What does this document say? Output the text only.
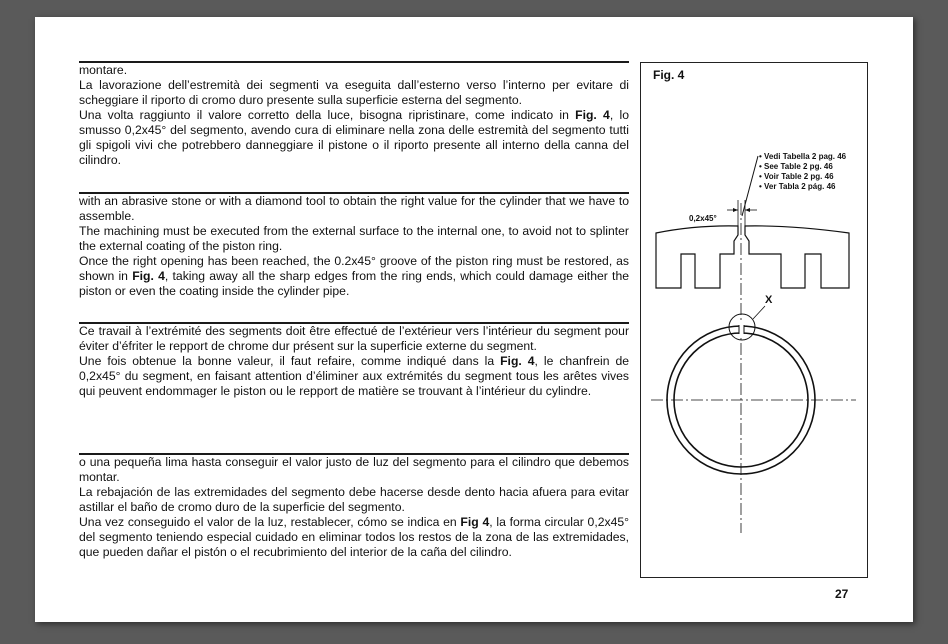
montare.

La lavorazione dell’estremità dei segmenti va eseguita dall’esterno verso l’interno per evitare di scheggiare il riporto di cromo duro presente sulla superficie esterna del segmento.

Una volta raggiunto il valore corretto della luce, bisogna ripristinare, come indicato in Fig. 4, lo smusso 0,2x45° del segmento, avendo cura di eliminare nella zona delle estremità del segmento tutti gli spigoli vivi che potrebbero danneggiare il pistone o il riporto presente all interno della canna del cilindro.

with an abrasive stone or with a diamond tool to obtain the right value for the cylinder that we have to assemble.

The machining must be executed from the external surface to the internal one, to avoid not to splinter the external coating of the piston ring.

Once the right opening has been reached, the 0.2x45° groove of the piston ring must be restored, as shown in Fig. 4, taking away all the sharp edges from the ring ends, which could damage either the piston or even the coating inside the cylinder pipe.

Ce travail à l’extrémité des segments doit être effectué de l’extérieur vers l’intérieur du segment pour éviter d’éfriter le repport de chrome dur présent sur la superficie externe du segment.

Une fois obtenue la bonne valeur, il faut refaire, comme indiqué dans la Fig. 4, le chanfrein de 0,2x45° du segment, en faisant attention d’éliminer aux extrémités du segment tous les arêtes vives qui peuvent endommager le piston ou le repport de matière se trouvant à l’intérieur du cylindre.

o una pequeña lima hasta conseguir el valor justo de luz del segmento para el cilindro que debemos montar.

La rebajación de las extremidades del segmento debe hacerse desde dento hacia afuera para evitar astillar el baño de cromo duro de la superficie del segmento.

Una vez conseguido el valor de la luz, restablecer, cómo se indica en Fig 4, la forma circular 0,2x45° del segmento teniendo especial cuidado en eliminar todos los restos de la zona de las extremidades, que pueden dañar el pistón o el recubrimiento del interior de la caña del cilindro.

Fig. 4
• Vedi Tabella 2 pag. 46
• See Table 2 pg. 46
• Voir Table 2 pg. 46
• Ver Tabla 2 pág. 46
0,2x45°
X
27
